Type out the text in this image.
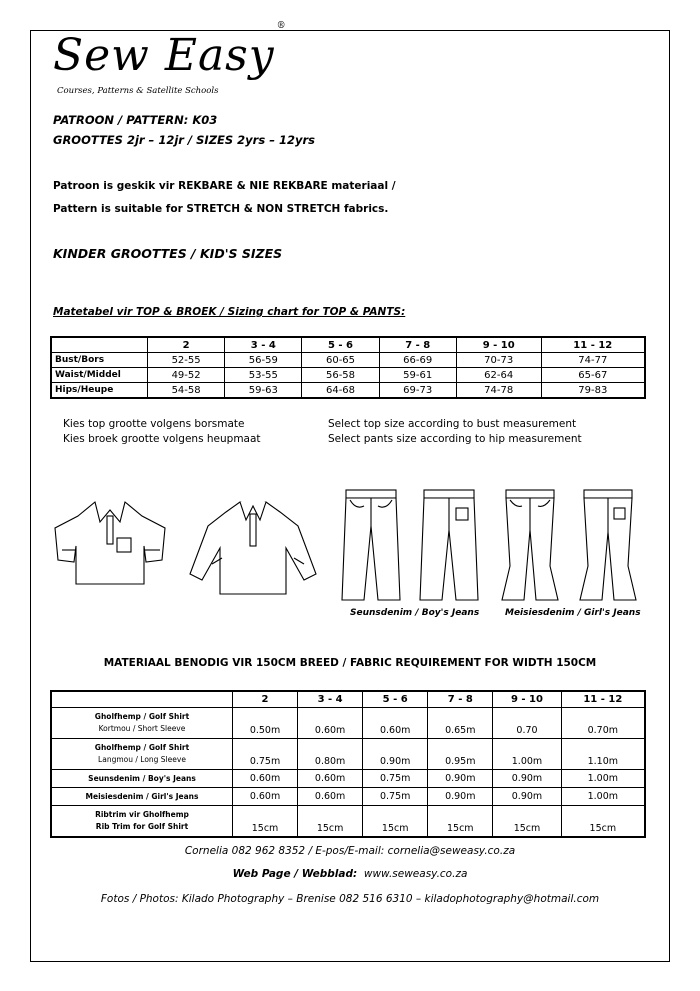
Sew Easy®
Courses, Patterns & Satellite Schools
PATROON / PATTERN: K03
GROOTTES 2jr – 12jr / SIZES 2yrs – 12yrs
Patroon is geskik vir REKBARE & NIE REKBARE materiaal /
Pattern is suitable for STRETCH & NON STRETCH fabrics.
KINDER GROOTTES / KID'S SIZES
Matetabel vir TOP & BROEK / Sizing chart for TOP & PANTS:
	2	3 - 4	5 - 6	7 - 8	9 - 10	11 - 12
Bust/Bors	52-55	56-59	60-65	66-69	70-73	74-77
Waist/Middel	49-52	53-55	56-58	59-61	62-64	65-67
Hips/Heupe	54-58	59-63	64-68	69-73	74-78	79-83
Kies top grootte volgens borsmate
Kies broek grootte volgens heupmaat
Select top size according to bust measurement
Select pants size according to hip measurement
Seunsdenim / Boy's Jeans	Meisiesdenim / Girl's Jeans
MATERIAAL BENODIG VIR 150CM BREED / FABRIC REQUIREMENT FOR WIDTH 150CM
	2	3 - 4	5 - 6	7 - 8	9 - 10	11 - 12

Gholfhemp / Golf Shirt
Kortmou / Short Sleeve	0.50m	0.60m	0.60m	0.65m	0.70	0.70m

Gholfhemp / Golf Shirt
Langmou / Long Sleeve	0.75m	0.80m	0.90m	0.95m	1.00m	1.10m
Seunsdenim / Boy's Jeans	0.60m	0.60m	0.75m	0.90m	0.90m	1.00m
Meisiesdenim / Girl's Jeans	0.60m	0.60m	0.75m	0.90m	0.90m	1.00m

Ribtrim vir Gholfhemp
Rib Trim for Golf Shirt	15cm	15cm	15cm	15cm	15cm	15cm
Cornelia 082 962 8352 / E-pos/E-mail: cornelia@seweasy.co.za
Web Page / Webblad: www.seweasy.co.za
Fotos / Photos: Kilado Photography – Brenise 082 516 6310 – kiladophotography@hotmail.com
